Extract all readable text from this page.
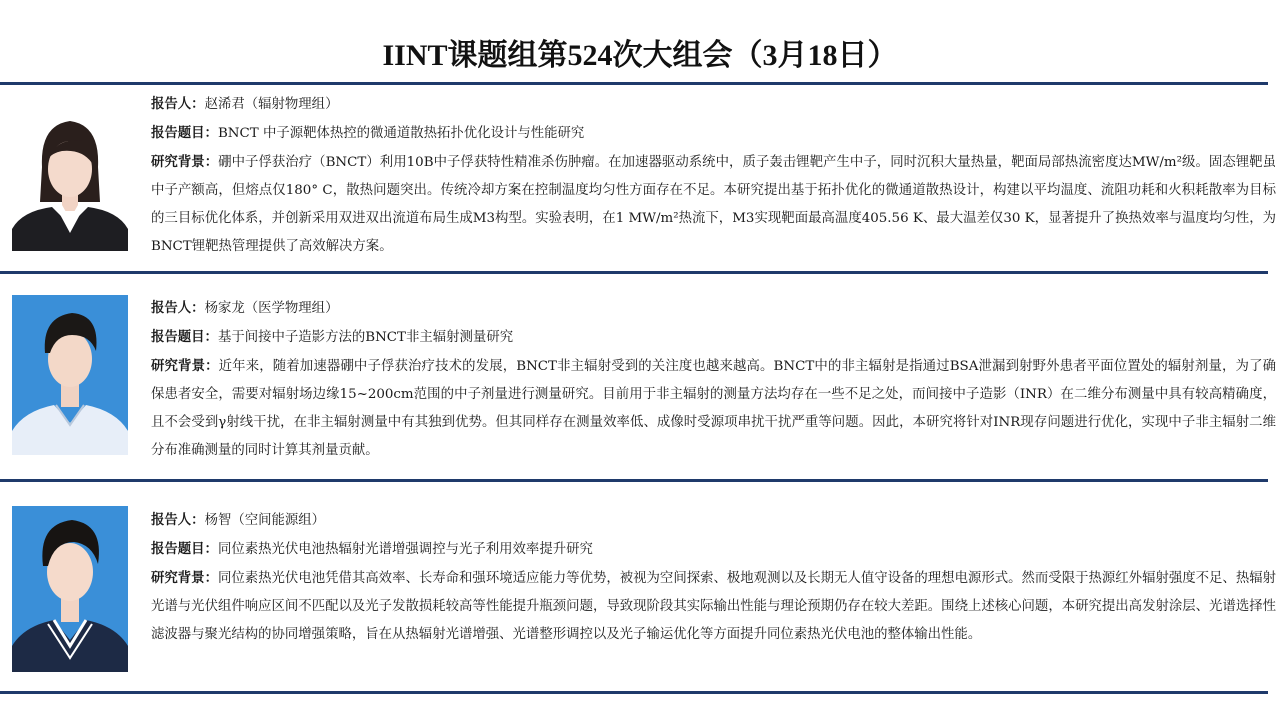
IINT课题组第524次大组会（3月18日）
报告人：赵浠君（辐射物理组）
报告题目：BNCT 中子源靶体热控的微通道散热拓扑优化设计与性能研究
研究背景：硼中子俘获治疗（BNCT）利用10B中子俘获特性精准杀伤肿瘤。在加速器驱动系统中，质子轰击锂靶产生中子，同时沉积大量热量，靶面局部热流密度达MW/m²级。固态锂靶虽中子产额高，但熔点仅180° C，散热问题突出。传统冷却方案在控制温度均匀性方面存在不足。本研究提出基于拓扑优化的微通道散热设计，构建以平均温度、流阻功耗和火积耗散率为目标的三目标优化体系，并创新采用双进双出流道布局生成M3构型。实验表明，在1 MW/m²热流下，M3实现靶面最高温度405.56 K、最大温差仅30 K，显著提升了换热效率与温度均匀性，为BNCT锂靶热管理提供了高效解决方案。
报告人：杨家龙（医学物理组）
报告题目：基于间接中子造影方法的BNCT非主辐射测量研究
研究背景：近年来，随着加速器硼中子俘获治疗技术的发展，BNCT非主辐射受到的关注度也越来越高。BNCT中的非主辐射是指通过BSA泄漏到射野外患者平面位置处的辐射剂量，为了确保患者安全，需要对辐射场边缘15~200cm范围的中子剂量进行测量研究。目前用于非主辐射的测量方法均存在一些不足之处，而间接中子造影（INR）在二维分布测量中具有较高精确度，且不会受到γ射线干扰，在非主辐射测量中有其独到优势。但其同样存在测量效率低、成像时受源项串扰干扰严重等问题。因此，本研究将针对INR现存问题进行优化，实现中子非主辐射二维分布准确测量的同时计算其剂量贡献。
报告人：杨智（空间能源组）
报告题目：同位素热光伏电池热辐射光谱增强调控与光子利用效率提升研究
研究背景：同位素热光伏电池凭借其高效率、长寿命和强环境适应能力等优势，被视为空间探索、极地观测以及长期无人值守设备的理想电源形式。然而受限于热源红外辐射强度不足、热辐射光谱与光伏组件响应区间不匹配以及光子发散损耗较高等性能提升瓶颈问题，导致现阶段其实际输出性能与理论预期仍存在较大差距。围绕上述核心问题，本研究提出高发射涂层、光谱选择性滤波器与聚光结构的协同增强策略，旨在从热辐射光谱增强、光谱整形调控以及光子输运优化等方面提升同位素热光伏电池的整体输出性能。
